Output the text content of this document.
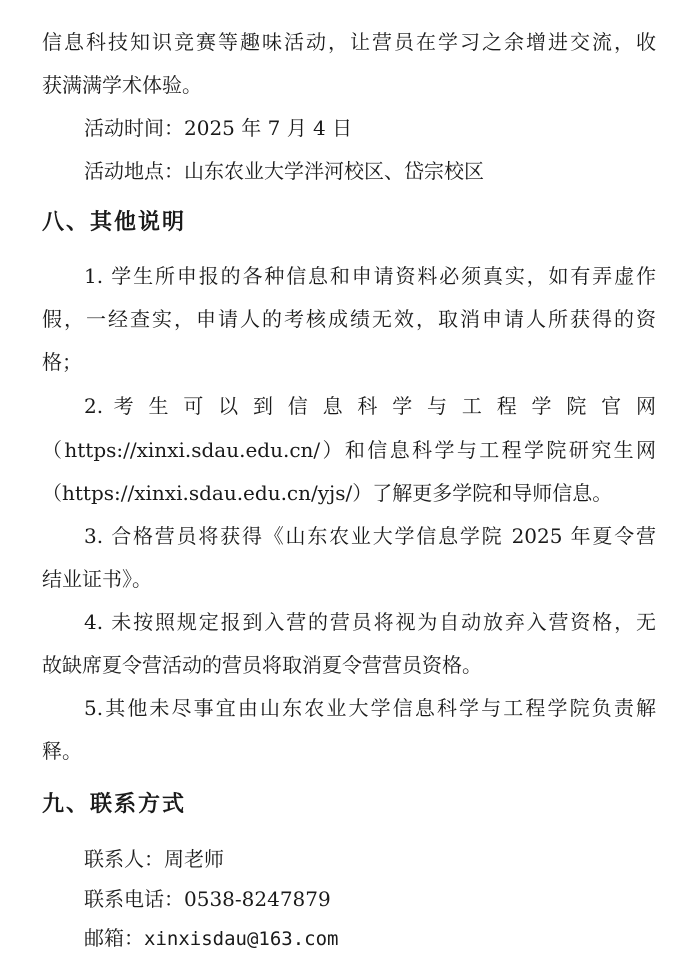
信息科技知识竞赛等趣味活动，让营员在学习之余增进交流，收
获满满学术体验。
活动时间：2025 年 7 月 4 日
活动地点：山东农业大学泮河校区、岱宗校区
八、其他说明
1. 学生所申报的各种信息和申请资料必须真实，如有弄虚作
假，一经查实，申请人的考核成绩无效，取消申请人所获得的资
格；
2. 考 生 可 以 到 信 息 科 学 与 工 程 学 院 官 网
（https://xinxi.sdau.edu.cn/）和信息科学与工程学院研究生网
（https://xinxi.sdau.edu.cn/yjs/）了解更多学院和导师信息。
3. 合格营员将获得《山东农业大学信息学院 2025 年夏令营
结业证书》。
4. 未按照规定报到入营的营员将视为自动放弃入营资格，无
故缺席夏令营活动的营员将取消夏令营营员资格。
5.其他未尽事宜由山东农业大学信息科学与工程学院负责解
释。
九、联系方式
联系人：周老师
联系电话：0538-8247879
邮箱：xinxisdau@163.com
